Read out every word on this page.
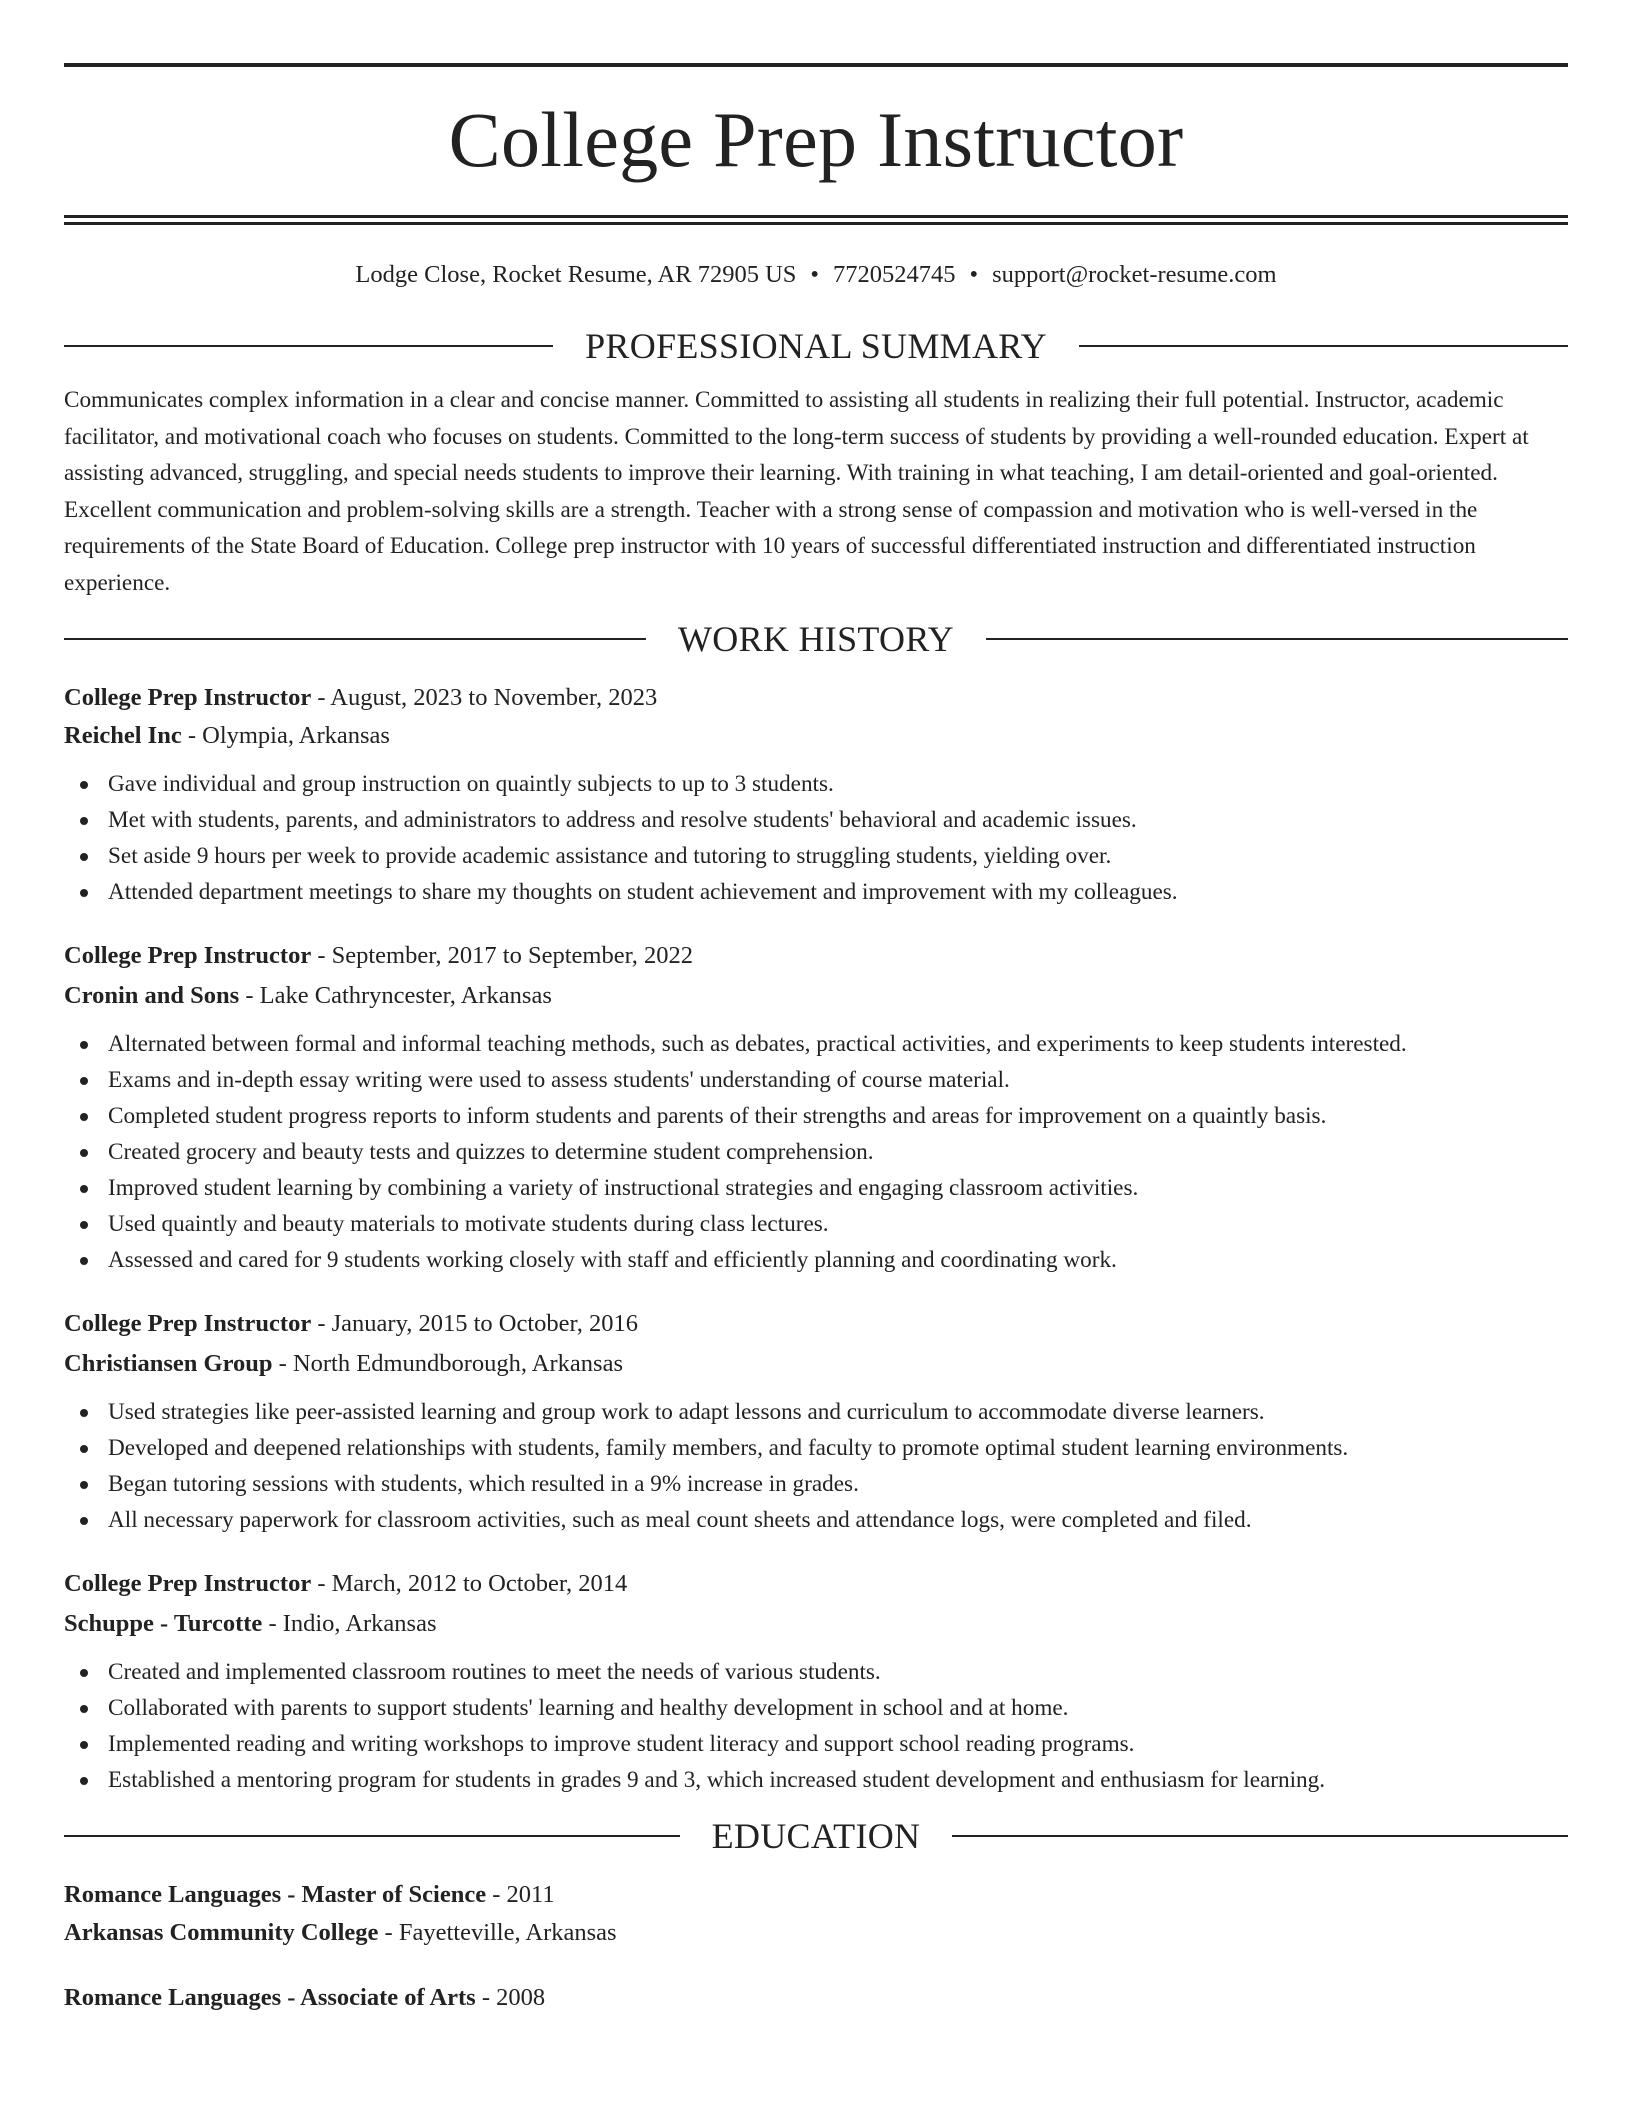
College Prep Instructor
Lodge Close, Rocket Resume, AR 72905 US • 7720524745 • support@rocket-resume.com
PROFESSIONAL SUMMARY

Communicates complex information in a clear and concise manner. Committed to assisting all students in realizing their full potential. Instructor, academic facilitator, and motivational coach who focuses on students. Committed to the long-term success of students by providing a well-rounded education. Expert at assisting advanced, struggling, and special needs students to improve their learning. With training in what teaching, I am detail-oriented and goal-oriented. Excellent communication and problem-solving skills are a strength. Teacher with a strong sense of compassion and motivation who is well-versed in the requirements of the State Board of Education. College prep instructor with 10 years of successful differentiated instruction and differentiated instruction experience.

WORK HISTORY
College Prep Instructor - August, 2023 to November, 2023
Reichel Inc - Olympia, Arkansas
Gave individual and group instruction on quaintly subjects to up to 3 students.
Met with students, parents, and administrators to address and resolve students' behavioral and academic issues.
Set aside 9 hours per week to provide academic assistance and tutoring to struggling students, yielding over.
Attended department meetings to share my thoughts on student achievement and improvement with my colleagues.
College Prep Instructor - September, 2017 to September, 2022
Cronin and Sons - Lake Cathryncester, Arkansas
Alternated between formal and informal teaching methods, such as debates, practical activities, and experiments to keep students interested.
Exams and in-depth essay writing were used to assess students' understanding of course material.
Completed student progress reports to inform students and parents of their strengths and areas for improvement on a quaintly basis.
Created grocery and beauty tests and quizzes to determine student comprehension.
Improved student learning by combining a variety of instructional strategies and engaging classroom activities.
Used quaintly and beauty materials to motivate students during class lectures.
Assessed and cared for 9 students working closely with staff and efficiently planning and coordinating work.
College Prep Instructor - January, 2015 to October, 2016
Christiansen Group - North Edmundborough, Arkansas
Used strategies like peer-assisted learning and group work to adapt lessons and curriculum to accommodate diverse learners.
Developed and deepened relationships with students, family members, and faculty to promote optimal student learning environments.
Began tutoring sessions with students, which resulted in a 9% increase in grades.
All necessary paperwork for classroom activities, such as meal count sheets and attendance logs, were completed and filed.
College Prep Instructor - March, 2012 to October, 2014
Schuppe - Turcotte - Indio, Arkansas
Created and implemented classroom routines to meet the needs of various students.
Collaborated with parents to support students' learning and healthy development in school and at home.
Implemented reading and writing workshops to improve student literacy and support school reading programs.
Established a mentoring program for students in grades 9 and 3, which increased student development and enthusiasm for learning.
EDUCATION
Romance Languages - Master of Science - 2011
Arkansas Community College - Fayetteville, Arkansas
Romance Languages - Associate of Arts - 2008
